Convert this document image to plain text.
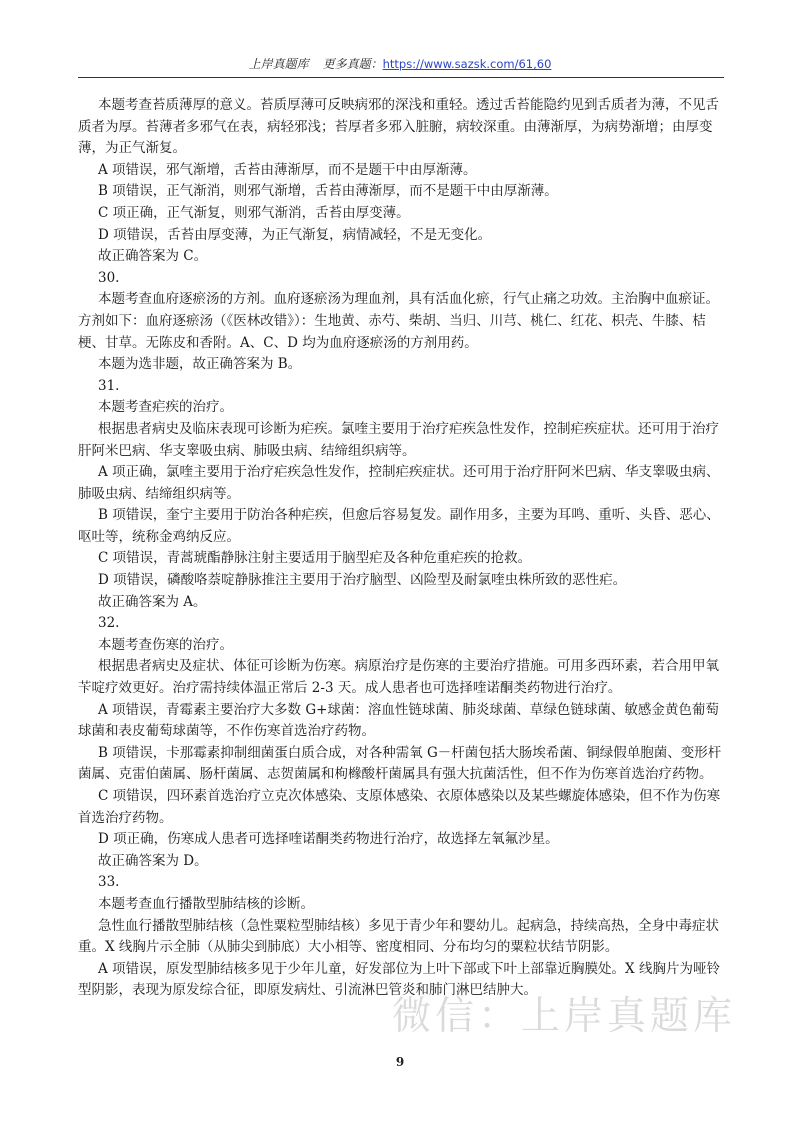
上岸真题库 更多真题：https://www.sazsk.com/61,60

本题考查苔质薄厚的意义。苔质厚薄可反映病邪的深浅和重轻。透过舌苔能隐约见到舌质者为薄，不见舌质者为厚。苔薄者多邪气在表，病轻邪浅；苔厚者多邪入脏腑，病较深重。由薄渐厚，为病势渐增；由厚变薄，为正气渐复。

A 项错误，邪气渐增，舌苔由薄渐厚，而不是题干中由厚渐薄。

B 项错误，正气渐消，则邪气渐增，舌苔由薄渐厚，而不是题干中由厚渐薄。

C 项正确，正气渐复，则邪气渐消，舌苔由厚变薄。

D 项错误，舌苔由厚变薄，为正气渐复，病情减轻，不是无变化。

故正确答案为 C。

30.

本题考查血府逐瘀汤的方剂。血府逐瘀汤为理血剂，具有活血化瘀，行气止痛之功效。主治胸中血瘀证。方剂如下：血府逐瘀汤（《医林改错》）：生地黄、赤芍、柴胡、当归、川芎、桃仁、红花、枳壳、牛膝、桔梗、甘草。无陈皮和香附。A、C、D 均为血府逐瘀汤的方剂用药。

本题为选非题，故正确答案为 B。

31.

本题考查疟疾的治疗。

根据患者病史及临床表现可诊断为疟疾。氯喹主要用于治疗疟疾急性发作，控制疟疾症状。还可用于治疗肝阿米巴病、华支睾吸虫病、肺吸虫病、结缔组织病等。

A 项正确，氯喹主要用于治疗疟疾急性发作，控制疟疾症状。还可用于治疗肝阿米巴病、华支睾吸虫病、肺吸虫病、结缔组织病等。

B 项错误，奎宁主要用于防治各种疟疾，但愈后容易复发。副作用多，主要为耳鸣、重听、头昏、恶心、呕吐等，统称金鸡纳反应。

C 项错误，青蒿琥酯静脉注射主要适用于脑型疟及各种危重疟疾的抢救。

D 项错误，磷酸咯萘啶静脉推注主要用于治疗脑型、凶险型及耐氯喹虫株所致的恶性疟。

故正确答案为 A。

32.

本题考查伤寒的治疗。

根据患者病史及症状、体征可诊断为伤寒。病原治疗是伤寒的主要治疗措施。可用多西环素，若合用甲氧苄啶疗效更好。治疗需持续体温正常后 2-3 天。成人患者也可选择喹诺酮类药物进行治疗。

A 项错误，青霉素主要治疗大多数 G+球菌：溶血性链球菌、肺炎球菌、草绿色链球菌、敏感金黄色葡萄球菌和表皮葡萄球菌等，不作伤寒首选治疗药物。

B 项错误，卡那霉素抑制细菌蛋白质合成，对各种需氧 G－杆菌包括大肠埃希菌、铜绿假单胞菌、变形杆菌属、克雷伯菌属、肠杆菌属、志贺菌属和枸橼酸杆菌属具有强大抗菌活性，但不作为伤寒首选治疗药物。

C 项错误，四环素首选治疗立克次体感染、支原体感染、衣原体感染以及某些螺旋体感染，但不作为伤寒首选治疗药物。

D 项正确，伤寒成人患者可选择喹诺酮类药物进行治疗，故选择左氧氟沙星。

故正确答案为 D。

33.

本题考查血行播散型肺结核的诊断。

急性血行播散型肺结核（急性粟粒型肺结核）多见于青少年和婴幼儿。起病急，持续高热，全身中毒症状重。X 线胸片示全肺（从肺尖到肺底）大小相等、密度相同、分布均匀的粟粒状结节阴影。

A 项错误，原发型肺结核多见于少年儿童，好发部位为上叶下部或下叶上部靠近胸膜处。X 线胸片为哑铃型阴影，表现为原发综合征，即原发病灶、引流淋巴管炎和肺门淋巴结肿大。

微信：上岸真题库
9
